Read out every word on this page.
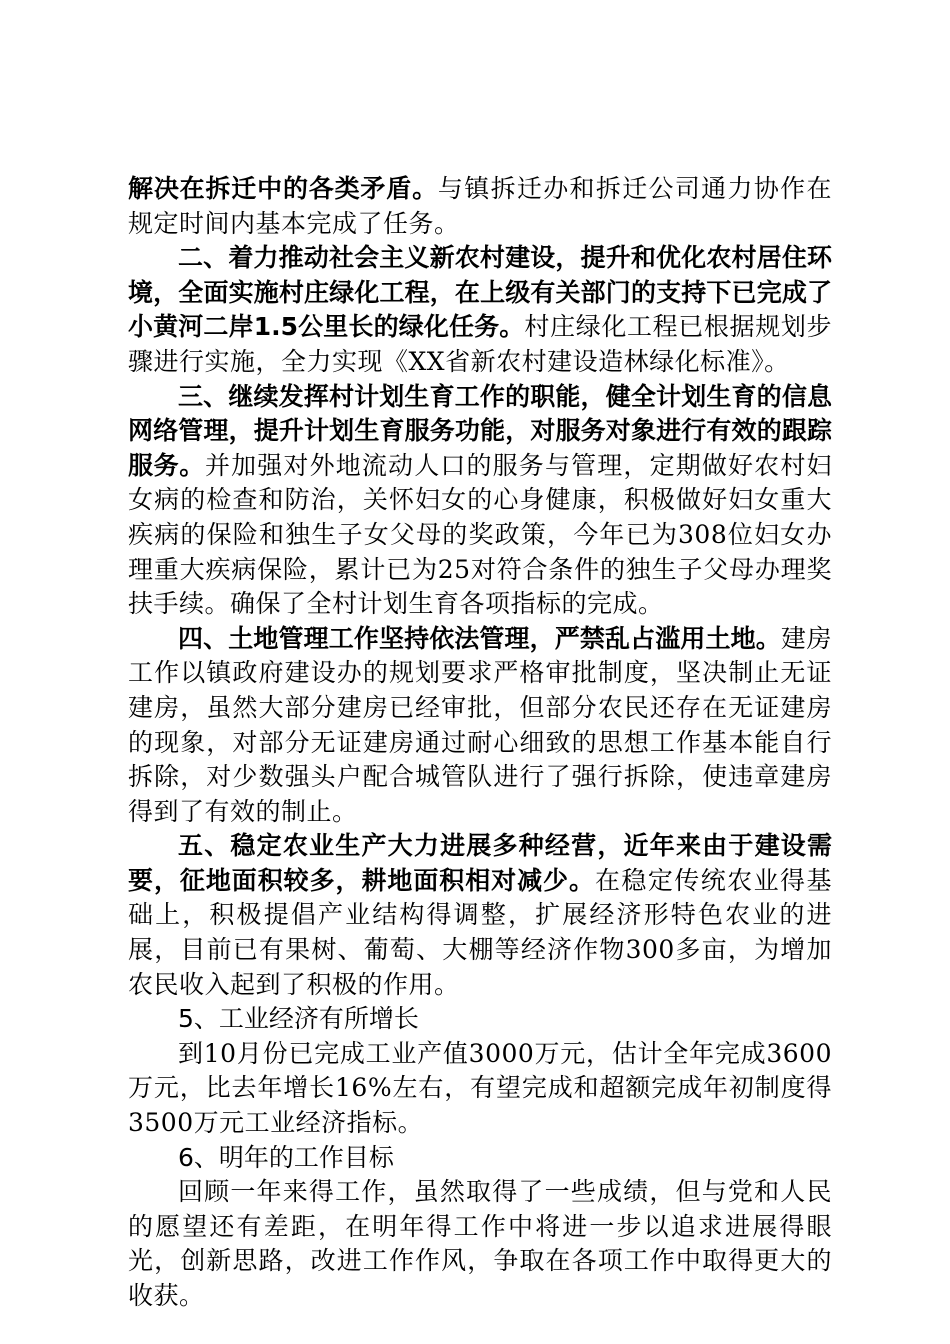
解决在拆迁中的各类矛盾。与镇拆迁办和拆迁公司通力协作在规定时间内基本完成了任务。

二、着力推动社会主义新农村建设，提升和优化农村居住环境，全面实施村庄绿化工程，在上级有关部门的支持下已完成了小黄河二岸1.5公里长的绿化任务。村庄绿化工程已根据规划步骤进行实施，全力实现《XX省新农村建设造林绿化标准》。

三、继续发挥村计划生育工作的职能，健全计划生育的信息网络管理，提升计划生育服务功能，对服务对象进行有效的跟踪服务。并加强对外地流动人口的服务与管理，定期做好农村妇女病的检查和防治，关怀妇女的心身健康，积极做好妇女重大疾病的保险和独生子女父母的奖政策，今年已为308位妇女办理重大疾病保险，累计已为25对符合条件的独生子父母办理奖扶手续。确保了全村计划生育各项指标的完成。

四、土地管理工作坚持依法管理，严禁乱占滥用土地。建房工作以镇政府建设办的规划要求严格审批制度，坚决制止无证建房，虽然大部分建房已经审批，但部分农民还存在无证建房的现象，对部分无证建房通过耐心细致的思想工作基本能自行拆除，对少数强头户配合城管队进行了强行拆除，使违章建房得到了有效的制止。

五、稳定农业生产大力进展多种经营，近年来由于建设需要，征地面积较多，耕地面积相对减少。在稳定传统农业得基础上，积极提倡产业结构得调整，扩展经济形特色农业的进展，目前已有果树、葡萄、大棚等经济作物300多亩，为增加农民收入起到了积极的作用。

5、工业经济有所增长

到10月份已完成工业产值3000万元，估计全年完成3600万元，比去年增长16%左右，有望完成和超额完成年初制度得3500万元工业经济指标。

6、明年的工作目标

回顾一年来得工作，虽然取得了一些成绩，但与党和人民的愿望还有差距，在明年得工作中将进一步以追求进展得眼光，创新思路，改进工作作风，争取在各项工作中取得更大的收获。
